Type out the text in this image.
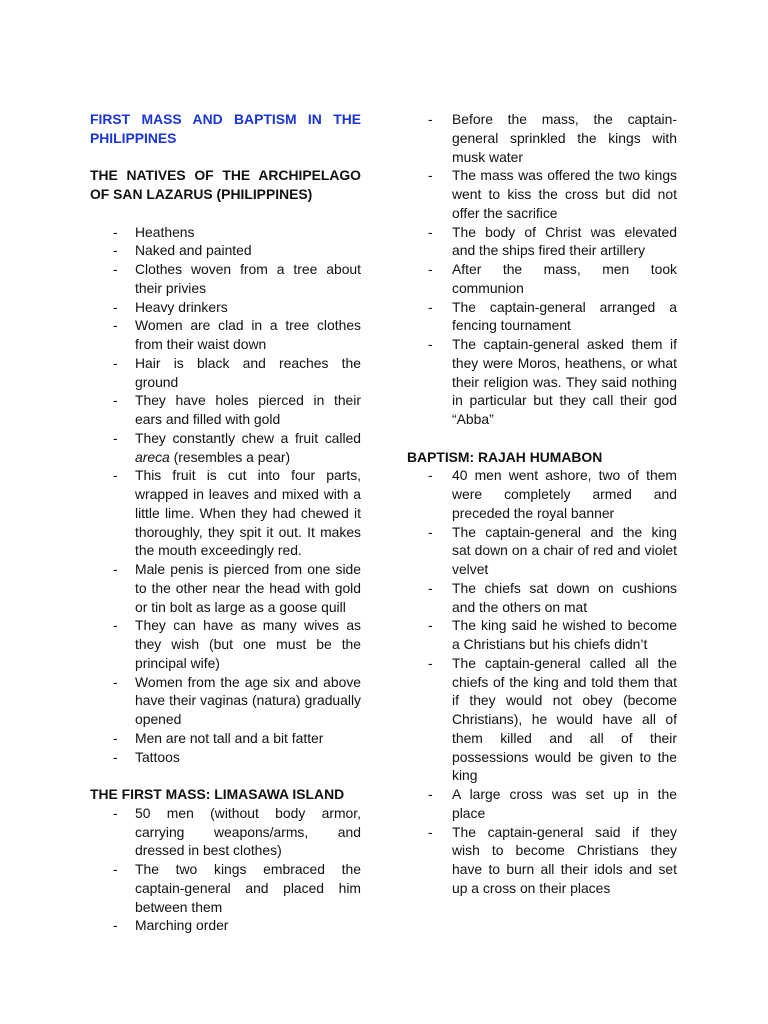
FIRST MASS AND BAPTISM IN THE PHILIPPINES

THE NATIVES OF THE ARCHIPELAGO OF SAN LAZARUS (PHILIPPINES)

- Heathens
- Naked and painted
- Clothes woven from a tree about their privies
- Heavy drinkers
- Women are clad in a tree clothes from their waist down
- Hair is black and reaches the ground
- They have holes pierced in their ears and filled with gold
- They constantly chew a fruit called areca (resembles a pear)
- This fruit is cut into four parts, wrapped in leaves and mixed with a little lime. When they had chewed it thoroughly, they spit it out. It makes the mouth exceedingly red.
- Male penis is pierced from one side to the other near the head with gold or tin bolt as large as a goose quill
- They can have as many wives as they wish (but one must be the principal wife)
- Women from the age six and above have their vaginas (natura) gradually opened
- Men are not tall and a bit fatter
- Tattoos

THE FIRST MASS: LIMASAWA ISLAND

- 50 men (without body armor, carrying weapons/arms, and dressed in best clothes)
- The two kings embraced the captain-general and placed him between them
- Marching order
- Before the mass, the captain-general sprinkled the kings with musk water
- The mass was offered the two kings went to kiss the cross but did not offer the sacrifice
- The body of Christ was elevated and the ships fired their artillery
- After the mass, men took communion
- The captain-general arranged a fencing tournament
- The captain-general asked them if they were Moros, heathens, or what their religion was. They said nothing in particular but they call their god “Abba”

BAPTISM: RAJAH HUMABON

- 40 men went ashore, two of them were completely armed and preceded the royal banner
- The captain-general and the king sat down on a chair of red and violet velvet
- The chiefs sat down on cushions and the others on mat
- The king said he wished to become a Christians but his chiefs didn’t
- The captain-general called all the chiefs of the king and told them that if they would not obey (become Christians), he would have all of them killed and all of their possessions would be given to the king
- A large cross was set up in the place
- The captain-general said if they wish to become Christians they have to burn all their idols and set up a cross on their places
